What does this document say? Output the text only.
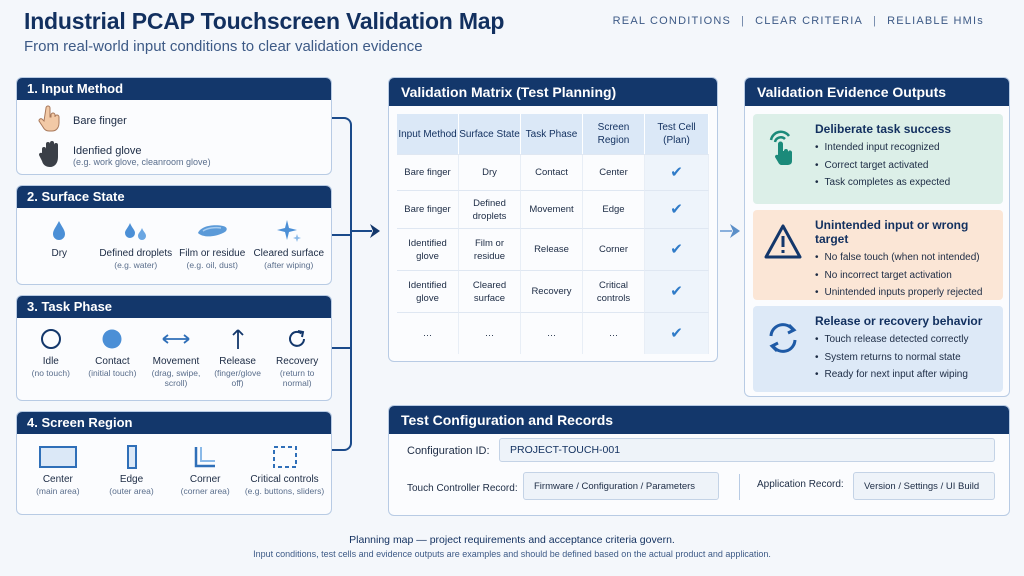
Industrial PCAP Touchscreen Validation Map
From real-world input conditions to clear validation evidence
REAL CONDITIONS | CLEAR CRITERIA | RELIABLE HMIs
1. Input Method
Bare finger
Idenfied glove
(e.g. work glove, cleanroom glove)
2. Surface State
Dry	Defined droplets
(e.g. water)
Film or residue
(e.g. oil, dust)
Cleared surface
(after wiping)
3. Task Phase
Idle
(no touch)
Contact
(initial touch)
Movement
(drag, swipe, scroll)
Release
(finger/glove off)
Recovery
(return to normal)
4. Screen Region
Center
(main area)
Edge
(outer area)
Corner
(corner area)
Critical controls
(e.g. buttons, sliders)
Validation Matrix (Test Planning)
Input Method	Surface State	Task Phase	Screen Region	Test Cell (Plan)
Bare finger	Dry	Contact	Center	✔
Bare finger	Defined droplets	Movement	Edge	✔
Identified glove	Film or residue	Release	Corner	✔
Identified glove	Cleared surface	Recovery	Critical controls	✔
…	…	…	…	✔
Validation Evidence Outputs
Deliberate task success
• Intended input recognized
• Correct target activated
• Task completes as expected
Unintended input or wrong target
• No false touch (when not intended)
• No incorrect target activation
• Unintended inputs properly rejected
Release or recovery behavior
• Touch release detected correctly
• System returns to normal state
• Ready for next input after wiping
Test Configuration and Records
Configuration ID:	PROJECT-TOUCH-001
Touch Controller Record:	Firmware / Configuration / Parameters	Application Record:	Version / Settings / UI Build
Planning map — project requirements and acceptance criteria govern.
Input conditions, test cells and evidence outputs are examples and should be defined based on the actual product and application.
